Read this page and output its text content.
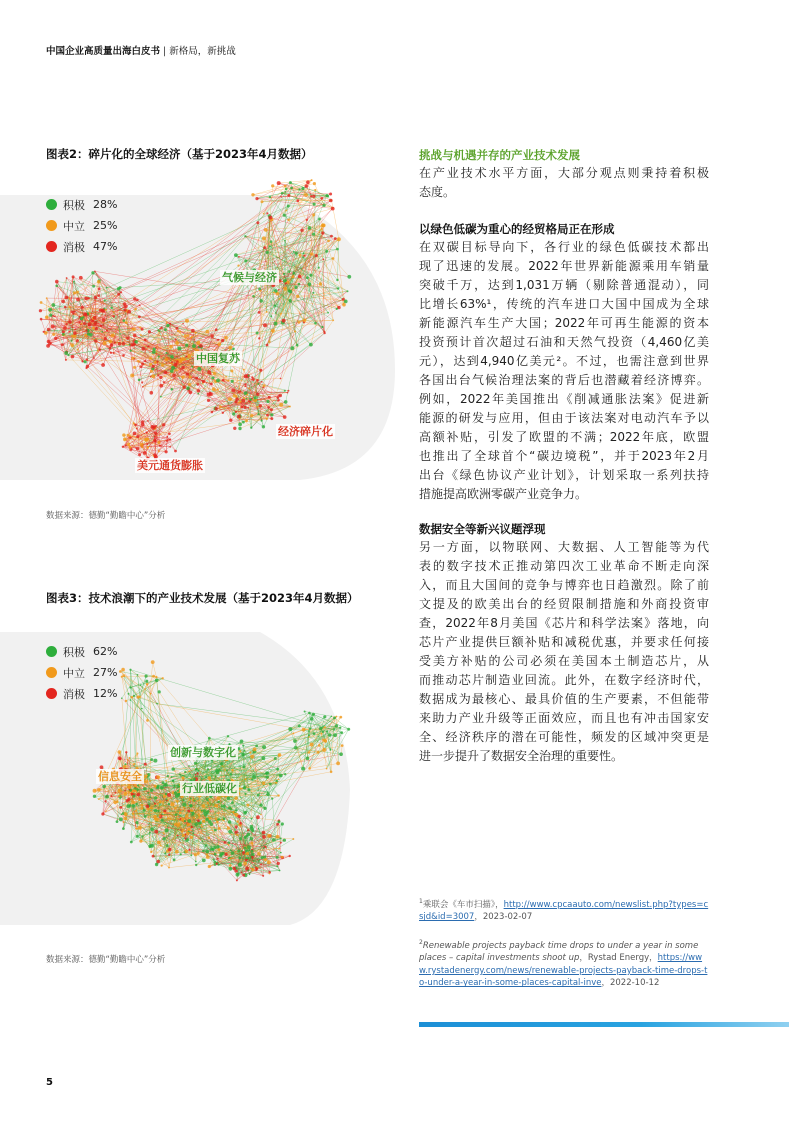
中国企业高质量出海白皮书 | 新格局，新挑战
图表2：碎片化的全球经济（基于2023年4月数据）
积极 28%
中立 25%
消极 47%
气候与经济
中国复苏
经济碎片化
美元通货膨胀
数据来源：德勤“勤瞻中心”分析
图表3：技术浪潮下的产业技术发展（基于2023年4月数据）
积极 62%
中立 27%
消极 12%
创新与数字化
信息安全
行业低碳化
数据来源：德勤“勤瞻中心”分析
挑战与机遇并存的产业技术发展
在产业技术水平方面，大部分观点则秉持着积极
态度。
以绿色低碳为重心的经贸格局正在形成
在双碳目标导向下，各行业的绿色低碳技术都出
现了迅速的发展。2022年世界新能源乘用车销量
突破千万，达到1,031万辆（剔除普通混动），同
比增长63%¹，传统的汽车进口大国中国成为全球
新能源汽车生产大国；2022年可再生能源的资本
投资预计首次超过石油和天然气投资（4,460亿美
元），达到4,940亿美元²。不过，也需注意到世界
各国出台气候治理法案的背后也潜藏着经济博弈。
例如，2022年美国推出《削减通胀法案》促进新
能源的研发与应用，但由于该法案对电动汽车予以
高额补贴，引发了欧盟的不满；2022年底，欧盟
也推出了全球首个“碳边境税”，并于2023年2月
出台《绿色协议产业计划》，计划采取一系列扶持
措施提高欧洲零碳产业竞争力。
数据安全等新兴议题浮现
另一方面，以物联网、大数据、人工智能等为代
表的数字技术正推动第四次工业革命不断走向深
入，而且大国间的竞争与博弈也日趋激烈。除了前
文提及的欧美出台的经贸限制措施和外商投资审
查，2022年8月美国《芯片和科学法案》落地，向
芯片产业提供巨额补贴和减税优惠，并要求任何接
受美方补贴的公司必须在美国本土制造芯片，从
而推动芯片制造业回流。此外，在数字经济时代，
数据成为最核心、最具价值的生产要素，不但能带
来助力产业升级等正面效应，而且也有冲击国家安
全、经济秩序的潜在可能性，频发的区域冲突更是
进一步提升了数据安全治理的重要性。
$^1$乘联会《车市扫描》，http://www.cpcaauto.com/newslist.php?types=csjd&id=3007，2023-02-07
$^2$Renewable projects payback time drops to under a year in some places – capital investments shoot up，Rystad Energy，https://www.rystadenergy.com/news/renewable-projects-payback-time-drops-to-under-a-year-in-some-places-capital-inve，2022-10-12
5
